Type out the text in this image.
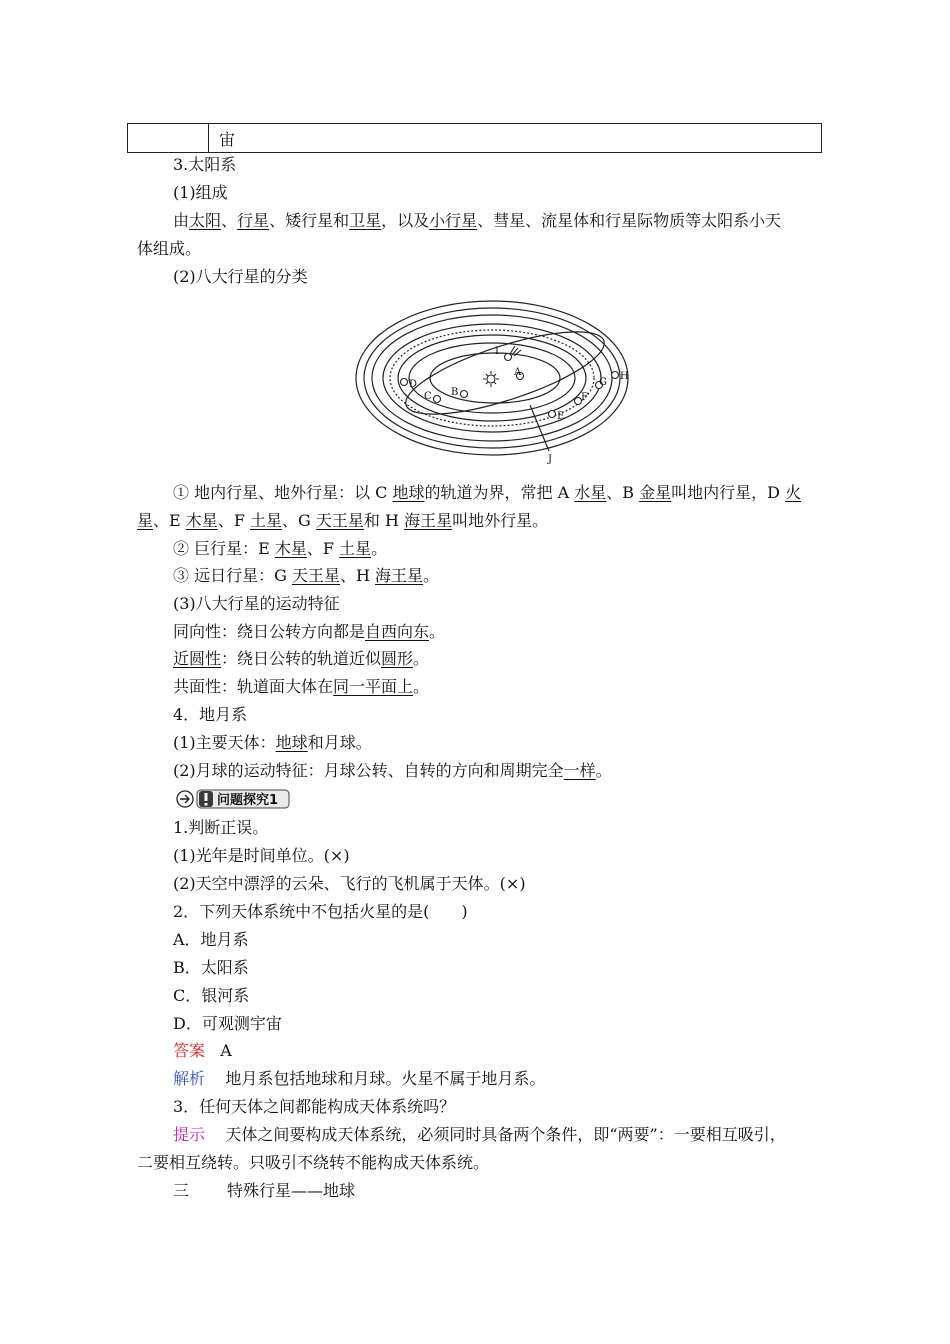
宙
3.太阳系
(1)组成
由太阳、行星、矮行星和卫星，以及小行星、彗星、流星体和行星际物质等太阳系小天
体组成。
(2)八大行星的分类
I
A
B
C
D
E
F
G
H
J
① 地内行星、地外行星：以 C 地球的轨道为界，常把 A 水星、B 金星叫地内行星，D 火
星、E 木星、F 土星、G 天王星和 H 海王星叫地外行星。
② 巨行星：E 木星、F 土星。
③ 远日行星：G 天王星、H 海王星。
(3)八大行星的运动特征
同向性：绕日公转方向都是自西向东。
近圆性：绕日公转的轨道近似圆形。
共面性：轨道面大体在同一平面上。
4．地月系
(1)主要天体：地球和月球。
(2)月球的运动特征：月球公转、自转的方向和周期完全一样。
问题探究1
1.判断正误。
(1)光年是时间单位。(×)
(2)天空中漂浮的云朵、飞行的飞机属于天体。(×)
2．下列天体系统中不包括火星的是(　　)
A．地月系
B．太阳系
C．银河系
D．可观测宇宙
答案 A
解析 地月系包括地球和月球。火星不属于地月系。
3．任何天体之间都能构成天体系统吗？
提示 天体之间要构成天体系统，必须同时具备两个条件，即“两要”：一要相互吸引，
二要相互绕转。只吸引不绕转不能构成天体系统。
三 特殊行星——地球
